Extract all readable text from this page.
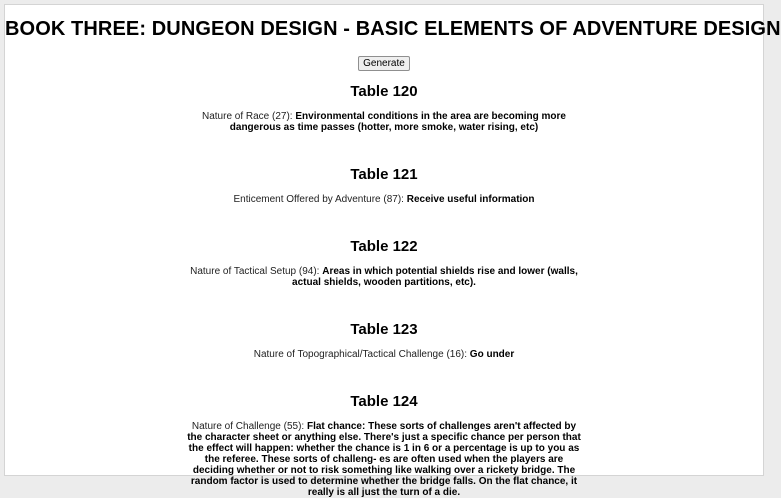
BOOK THREE: DUNGEON DESIGN - BASIC ELEMENTS OF ADVENTURE DESIGN
Generate
Table 120

Nature of Race (27): Environmental conditions in the area are becoming more dangerous as time passes (hotter, more smoke, water rising, etc)

Table 121

Enticement Offered by Adventure (87): Receive useful information

Table 122

Nature of Tactical Setup (94): Areas in which potential shields rise and lower (walls, actual shields, wooden partitions, etc).

Table 123

Nature of Topographical/Tactical Challenge (16): Go under

Table 124

Nature of Challenge (55): Flat chance: These sorts of challenges aren't affected by the character sheet or anything else. There's just a specific chance per person that the effect will happen: whether the chance is 1 in 6 or a percentage is up to you as the referee. These sorts of challeng- es are often used when the players are deciding whether or not to risk something like walking over a rickety bridge. The random factor is used to determine whether the bridge falls. On the flat chance, it really is all just the turn of a die.
